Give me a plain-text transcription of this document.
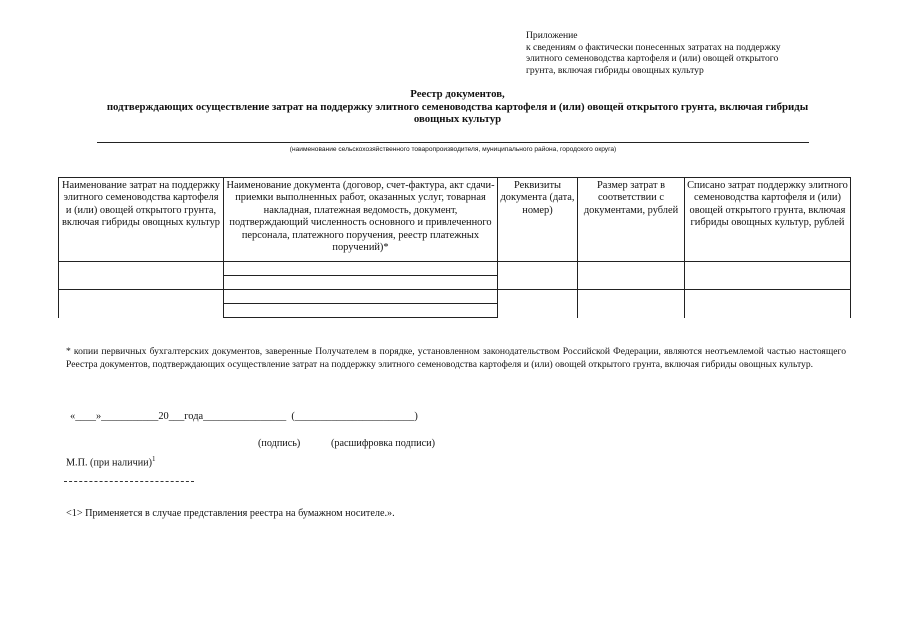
Приложение
к сведениям о фактически понесенных затратах на поддержку
элитного семеноводства картофеля и (или) овощей открытого
грунта, включая гибриды овощных культур
Реестр документов,
подтверждающих осуществление затрат на поддержку элитного семеноводства картофеля и (или) овощей открытого грунта, включая гибриды
овощных культур
(наименование сельскохозяйственного товаропроизводителя, муниципального района, городского округа)
Наименование затрат на поддержку элитного семеноводства картофеля и (или) овощей открытого грунта, включая гибриды овощных культур	Наименование документа (договор, счет-фактура, акт сдачи-приемки выполненных работ, оказанных услуг, товарная накладная, платежная ведомость, документ, подтверждающий численность основного и привлеченного персонала, платежного поручения, реестр платежных поручений)*	Реквизиты документа (дата, номер)	Размер затрат в соответствии с документами, рублей	Списано затрат поддержку элитного семеноводства картофеля и (или) овощей открытого грунта, включая гибриды овощных культур, рублей

* копии первичных бухгалтерских документов, заверенные Получателем в порядке, установленном законодательством Российской Федерации, являются неотъемлемой частью настоящего Реестра документов, подтверждающих осуществление затрат на поддержку элитного семеноводства картофеля и (или) овощей открытого грунта, включая гибриды овощных культур.
«____»___________20___года________________  (_______________________)
(подпись)	(расшифровка подписи)
М.П. (при наличии)$^1$
<1> Применяется в случае представления реестра на бумажном носителе.».
